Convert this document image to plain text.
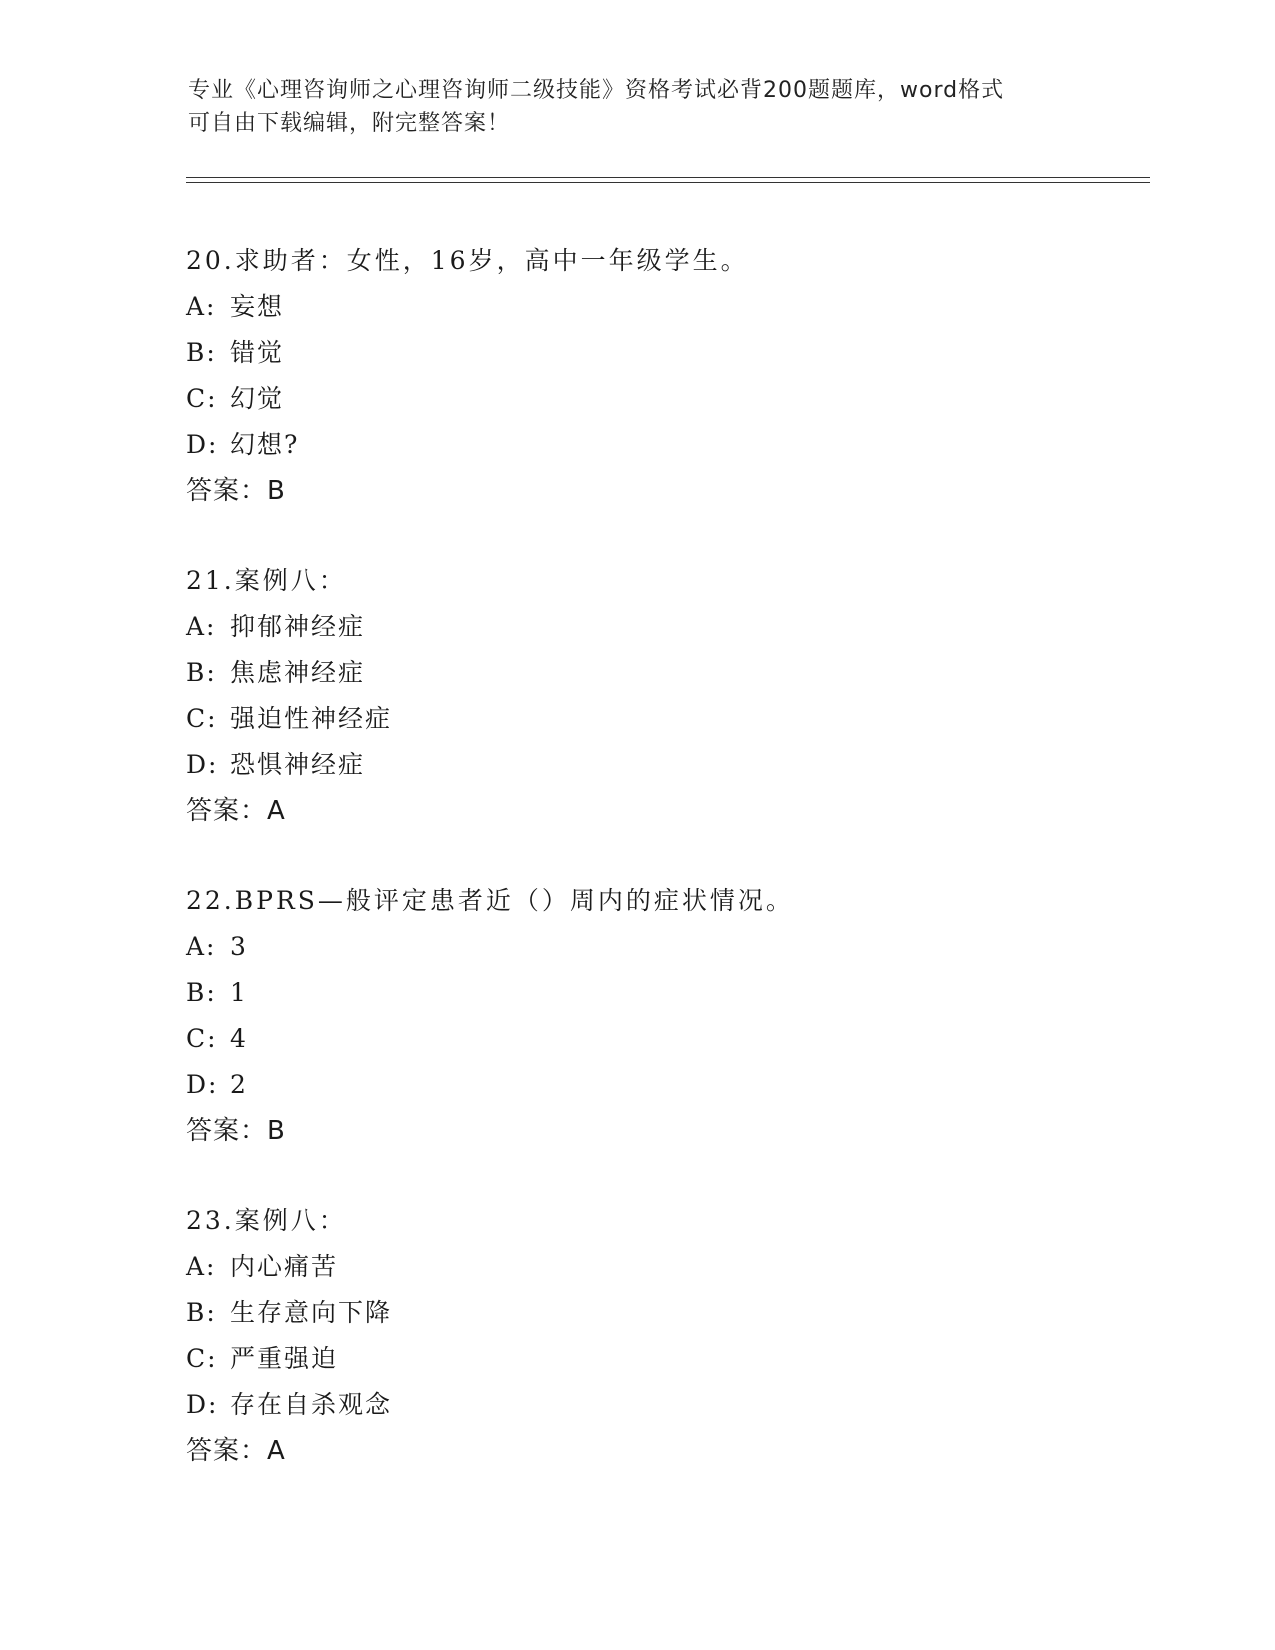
专业《心理咨询师之心理咨询师二级技能》资格考试必背200题题库，word格式
可自由下载编辑，附完整答案！
20.求助者：女性，16岁，高中一年级学生。
A: 妄想
B: 错觉
C: 幻觉
D: 幻想?
答案：B
21.案例八：
A: 抑郁神经症
B: 焦虑神经症
C: 强迫性神经症
D: 恐惧神经症
答案：A
22.BPRS—般评定患者近（）周内的症状情况。
A: 3
B: 1
C: 4
D: 2
答案：B
23.案例八：
A: 内心痛苦
B: 生存意向下降
C: 严重强迫
D: 存在自杀观念
答案：A
